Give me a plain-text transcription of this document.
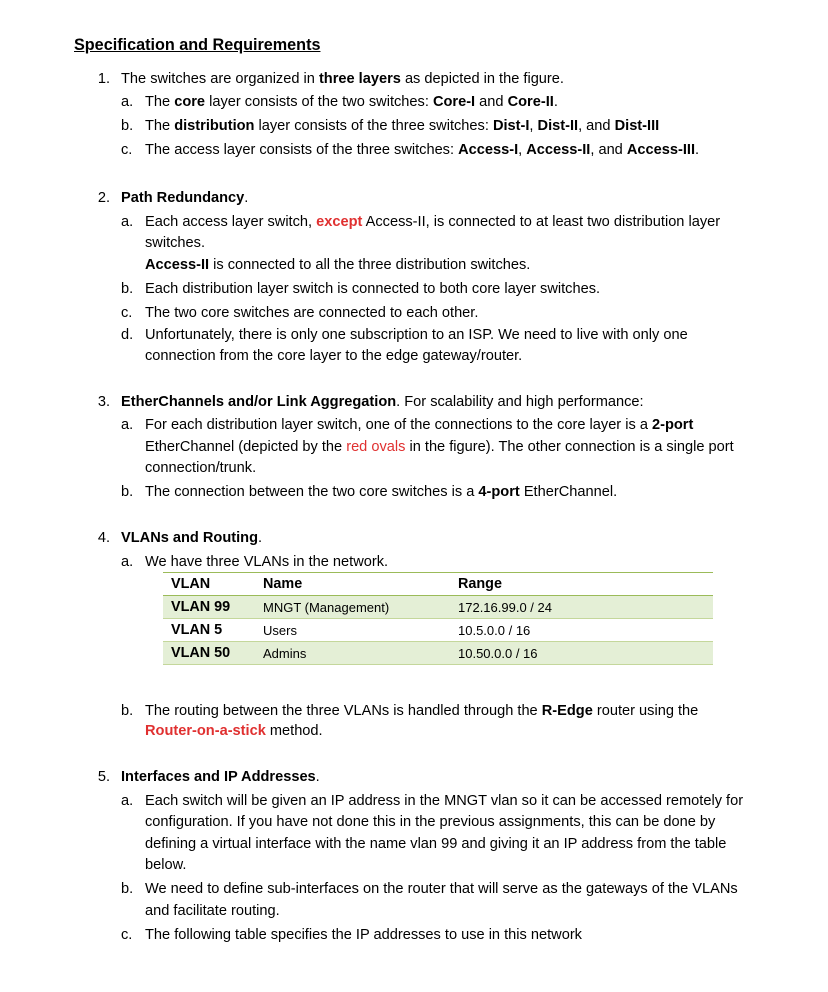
Specification and Requirements
1. The switches are organized in three layers as depicted in the figure.
a. The core layer consists of the two switches: Core-I and Core-II.
b. The distribution layer consists of the three switches: Dist-I, Dist-II, and Dist-III
c. The access layer consists of the three switches: Access-I, Access-II, and Access-III.
2. Path Redundancy.
a. Each access layer switch, except Access-II, is connected to at least two distribution layer
switches.
Access-II is connected to all the three distribution switches.
b. Each distribution layer switch is connected to both core layer switches.
c. The two core switches are connected to each other.
d. Unfortunately, there is only one subscription to an ISP. We need to live with only one
connection from the core layer to the edge gateway/router.
3. EtherChannels and/or Link Aggregation. For scalability and high performance:
a. For each distribution layer switch, one of the connections to the core layer is a 2-port
EtherChannel (depicted by the red ovals in the figure). The other connection is a single port
connection/trunk.
b. The connection between the two core switches is a 4-port EtherChannel.
4. VLANs and Routing.
a. We have three VLANs in the network.
VLAN	Name	Range
VLAN 99	MNGT (Management)	172.16.99.0 / 24
VLAN 5	Users	10.5.0.0 / 16
VLAN 50	Admins	10.50.0.0 / 16
b. The routing between the three VLANs is handled through the R-Edge router using the
Router-on-a-stick method.
5. Interfaces and IP Addresses.
a. Each switch will be given an IP address in the MNGT vlan so it can be accessed remotely for
configuration. If you have not done this in the previous assignments, this can be done by
defining a virtual interface with the name vlan 99 and giving it an IP address from the table
below.
b. We need to define sub-interfaces on the router that will serve as the gateways of the VLANs
and facilitate routing.
c. The following table specifies the IP addresses to use in this network
